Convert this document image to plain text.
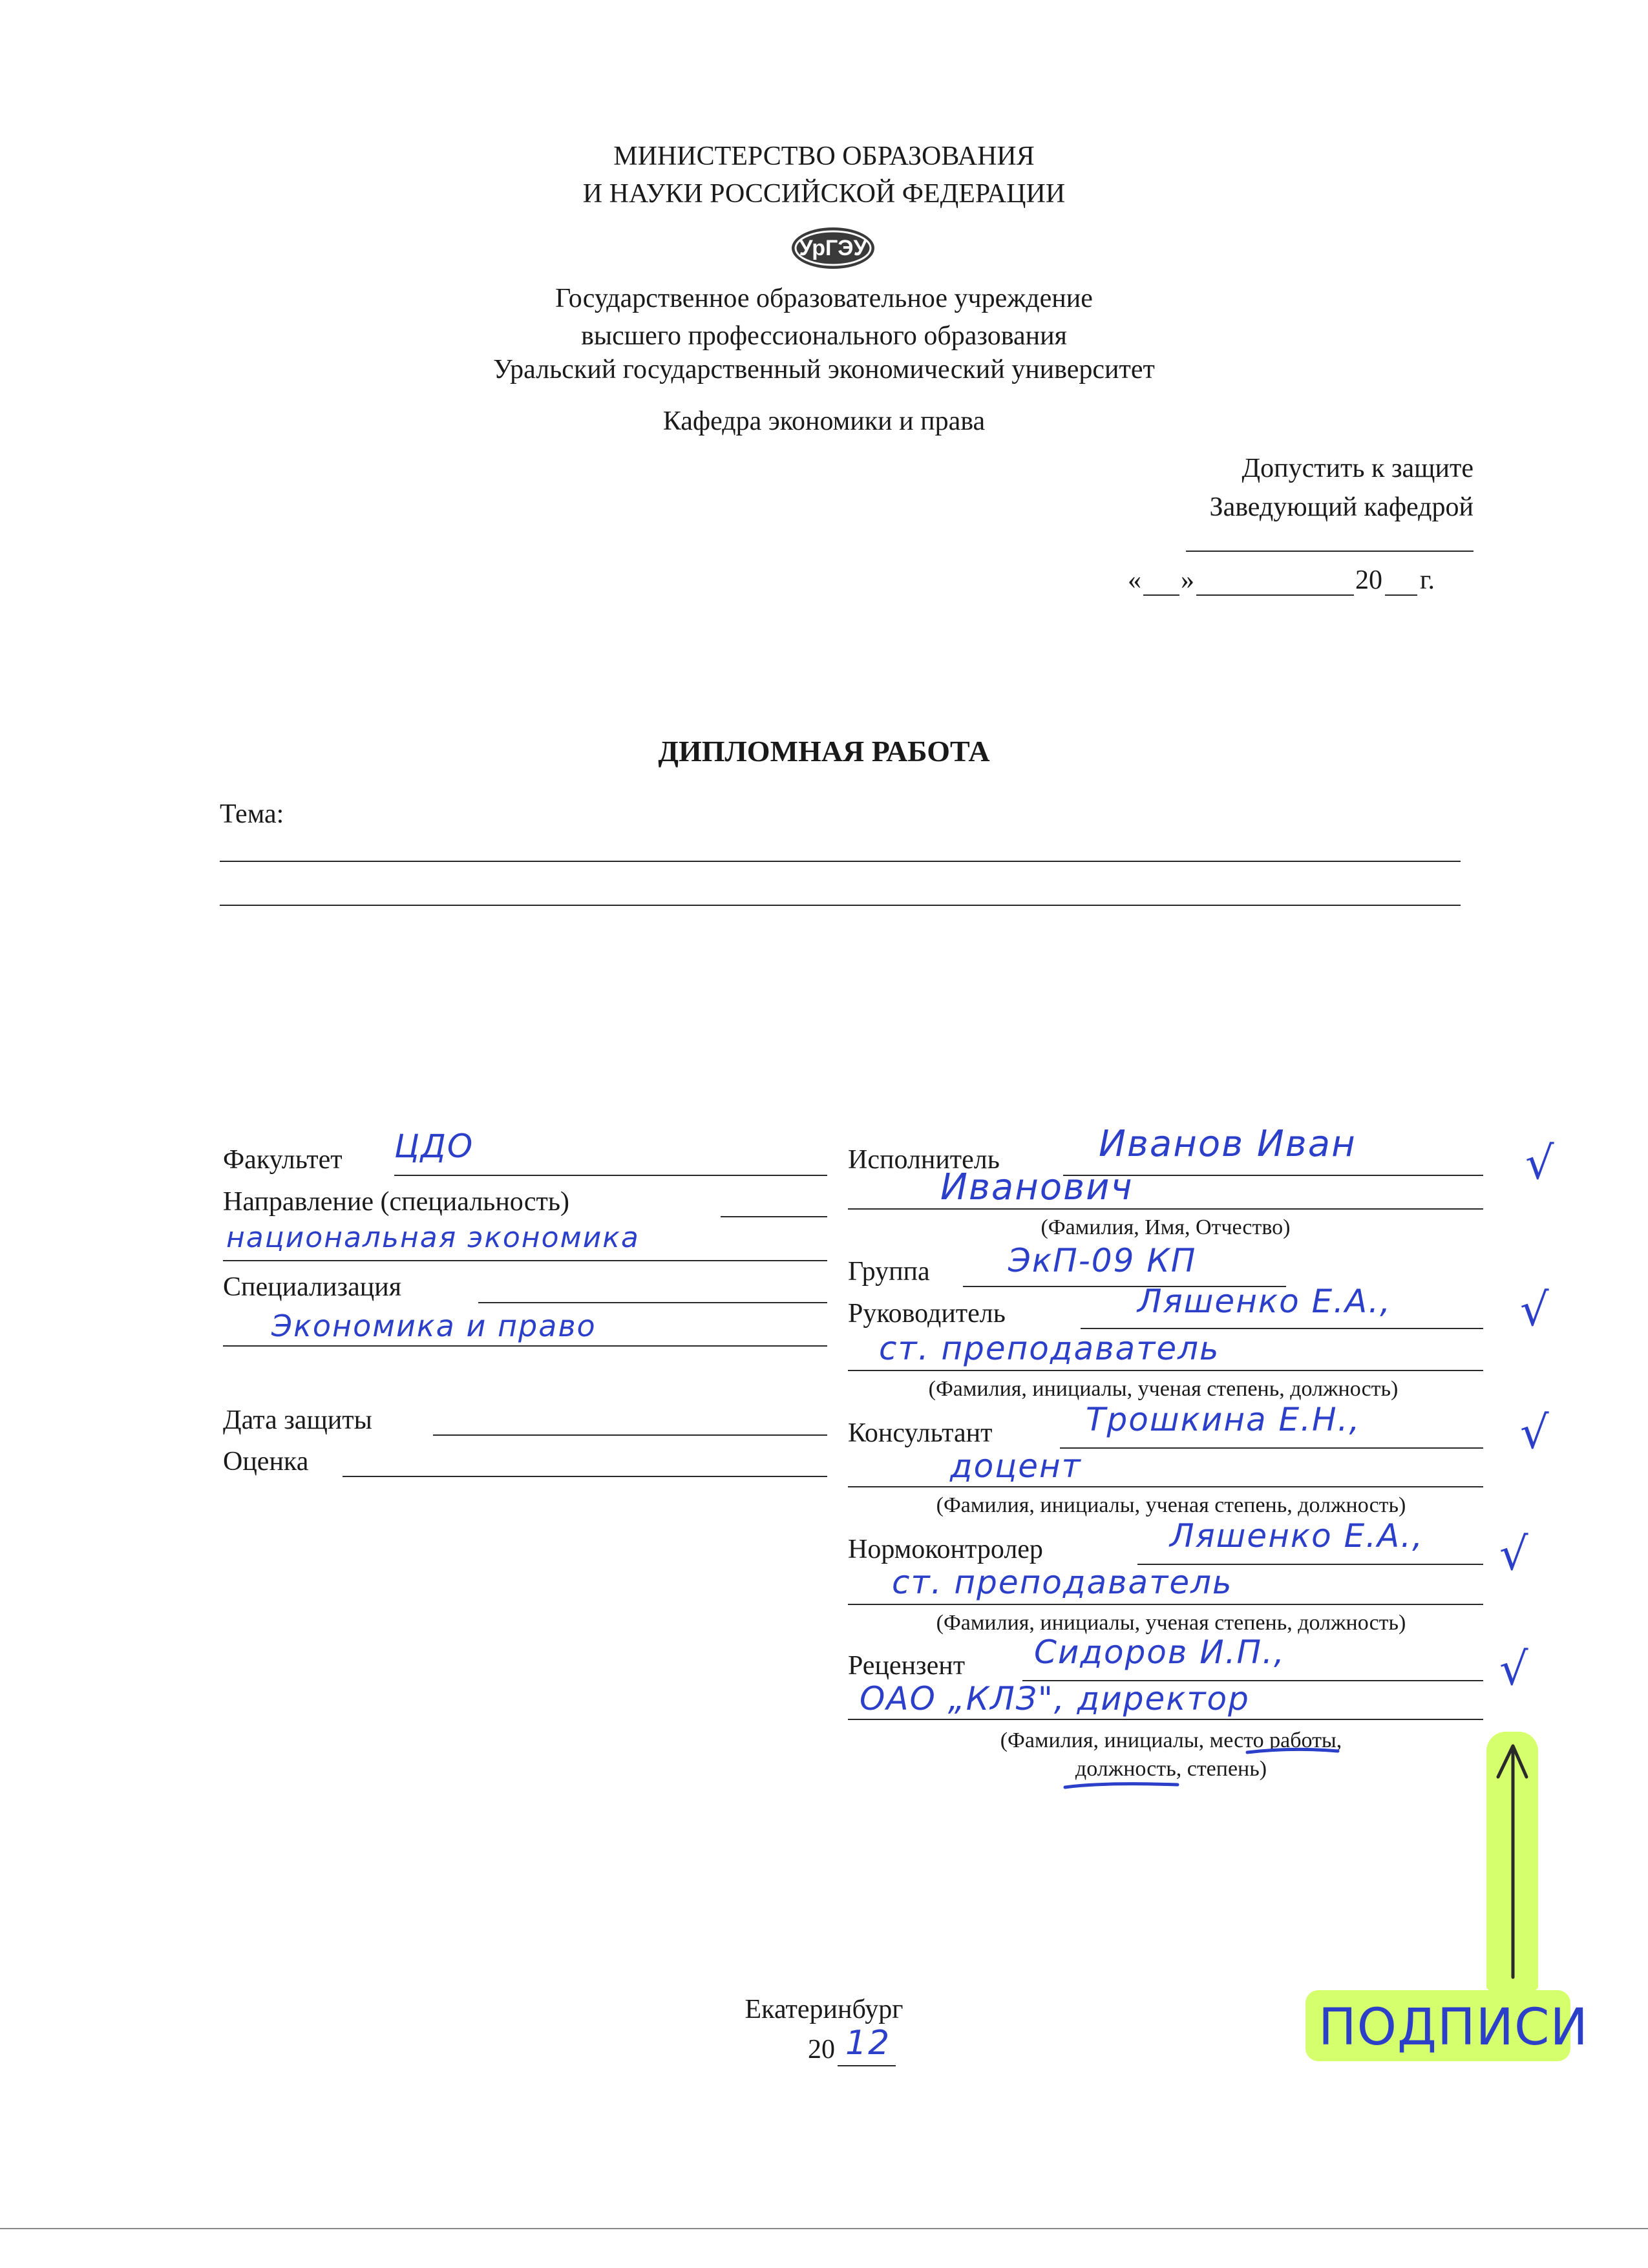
МИНИСТЕРСТВО ОБРАЗОВАНИЯ
И НАУКИ РОССИЙСКОЙ ФЕДЕРАЦИИ
УрГЭУ
Государственное образовательное учреждение
высшего профессионального образования
Уральский государственный экономический университет
Кафедра экономики и права
Допустить к защите
Заведующий кафедрой
« »	20 г.
ДИПЛОМНАЯ РАБОТА
Тема:
Факультет ЦДО
Направление (специальность)
национальная экономика
Специализация
Экономика и право
Дата защиты
Оценка
Исполнитель	Иванов Иван	√
Иванович
(Фамилия, Имя, Отчество)
Группа ЭкП-09 КП
Руководитель	Ляшенко Е.А.,	√
ст. преподаватель
(Фамилия, инициалы, ученая степень, должность)
Консультант	Трошкина Е.Н.,	√
доцент
(Фамилия, инициалы, ученая степень, должность)
Нормоконтролер	Ляшенко Е.А., √
ст. преподаватель
(Фамилия, инициалы, ученая степень, должность)
Рецензент Сидоров И.П.,	√
ОАО „КЛЗ", директор
(Фамилия, инициалы, место работы,
должность, степень)
ПОДПИСИ
Екатеринбург
20 12
